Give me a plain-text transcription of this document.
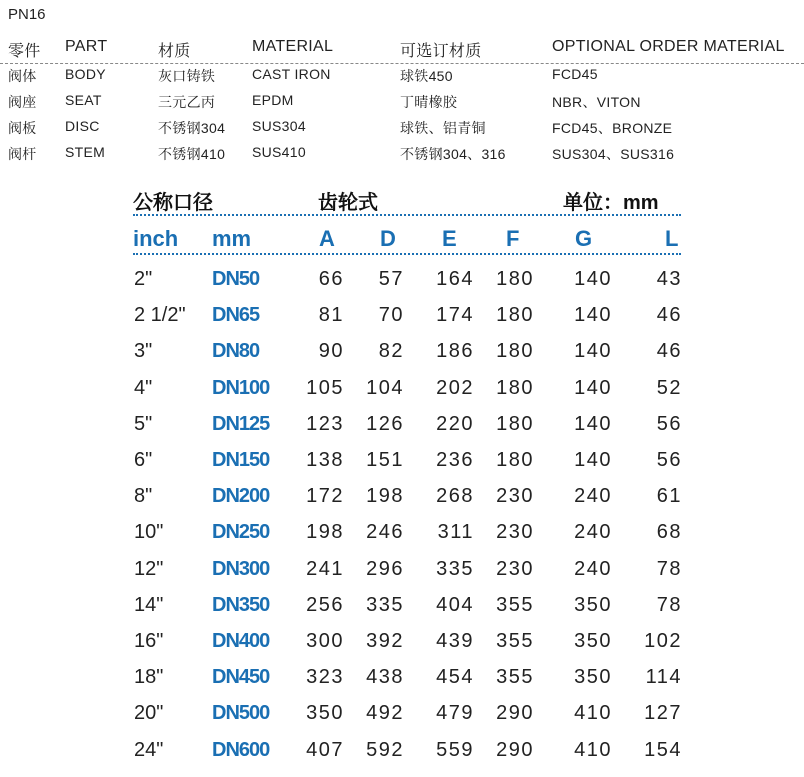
PN16
零件 PART	材质	MATERIAL	可选订材质	OPTIONAL ORDER MATERIAL
阀体 BODY	灰口铸铁	CAST IRON	球铁450	FCD45
阀座 SEAT	三元乙丙	EPDM	丁晴橡胶	NBR、VITON
阀板 DISC	不锈钢304 SUS304	球铁、铝青铜	FCD45、BRONZE
阀杆 STEM	不锈钢410 SUS410	不锈钢304、316	SUS304、SUS316
公称口径	齿轮式	单位：mm
inch mm	A D E F	G	L
2"	DN50	66	57	164	180	140	43
2 1/2" DN65	81	70	174	180	140	46
3"	DN80	90	82	186	180	140	46
4"	DN100	105	104	202	180	140	52
5"	DN125	123	126	220	180	140	56
6"	DN150	138	151	236	180	140	56
8"	DN200	172	198	268	230	240	61
10" DN250	198	246	311	230	240	68
12" DN300	241	296	335	230	240	78
14" DN350	256	335	404	355	350	78
16" DN400	300	392	439	355	350	102
18" DN450	323	438	454	355	350	114
20" DN500	350	492	479	290	410	127
24" DN600	407	592	559	290	410	154
